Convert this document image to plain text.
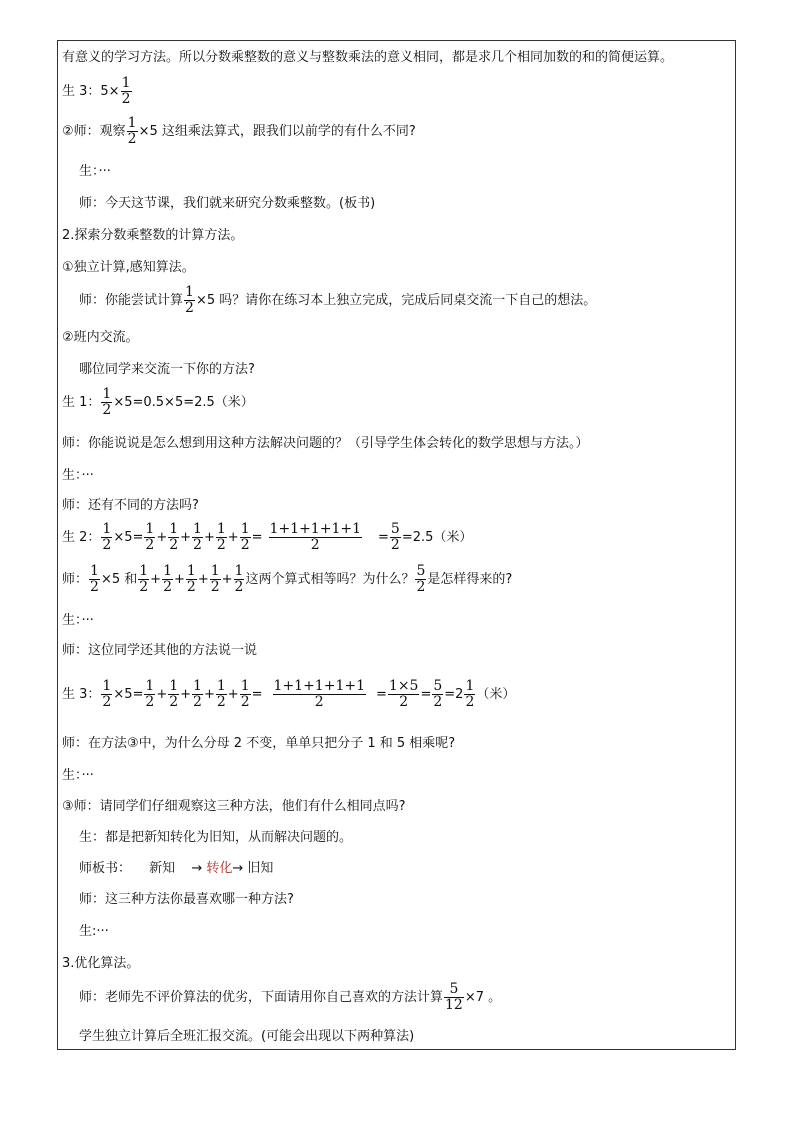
有意义的学习方法。所以分数乘整数的意义与整数乘法的意义相同，都是求几个相同加数的和的简便运算。
生 3：$5\times \frac{1}{2}$
②师：观察 $\frac{1}{2} \times 5$ 这组乘法算式，跟我们以前学的有什么不同?
生：···
师：今天这节课，我们就来研究分数乘整数。(板书)
2.探索分数乘整数的计算方法。
①独立计算,感知算法。
师：你能尝试计算 $\frac{1}{2} \times 5$ 吗？请你在练习本上独立完成，完成后同桌交流一下自己的想法。
②班内交流。
哪位同学来交流一下你的方法?
生 1： $\frac{1}{2} \times 5=0.5\times 5=2.5$（米）
师：你能说说是怎么想到用这种方法解决问题的？（引导学生体会转化的数学思想与方法。）
生：···
师：还有不同的方法吗?
生 2： $\frac{1}{2} \times 5= \frac{1}{2} + \frac{1}{2} + \frac{1}{2} + \frac{1}{2} + \frac{1}{2} = \frac{1+1+1+1+1}{2} = \frac{5}{2} =2.5$（米）
师： $\frac{1}{2} \times 5$ 和 $\frac{1}{2} + \frac{1}{2} + \frac{1}{2} + \frac{1}{2} + \frac{1}{2}$ 这两个算式相等吗？为什么？ $\frac{5}{2}$ 是怎样得来的?
生：···
师：这位同学还其他的方法说一说
生 3： $\frac{1}{2} \times 5= \frac{1}{2} + \frac{1}{2} + \frac{1}{2} + \frac{1}{2} + \frac{1}{2} = \frac{1+1+1+1+1}{2} = \frac{1\times 5}{2} = \frac{5}{2} =2 \frac{1}{2}$ （米）
师：在方法③中，为什么分母 2 不变，单单只把分子 1 和 5 相乘呢?
生：···
③师：请同学们仔细观察这三种方法，他们有什么相同点吗?
生：都是把新知转化为旧知，从而解决问题的。
师板书： 新知 → 转化→ 旧知
师：这三种方法你最喜欢哪一种方法?
生:···
3.优化算法。
师：老师先不评价算法的优劣，下面请用你自己喜欢的方法计算 $\frac{5}{12} \times 7$ 。
学生独立计算后全班汇报交流。(可能会出现以下两种算法)
